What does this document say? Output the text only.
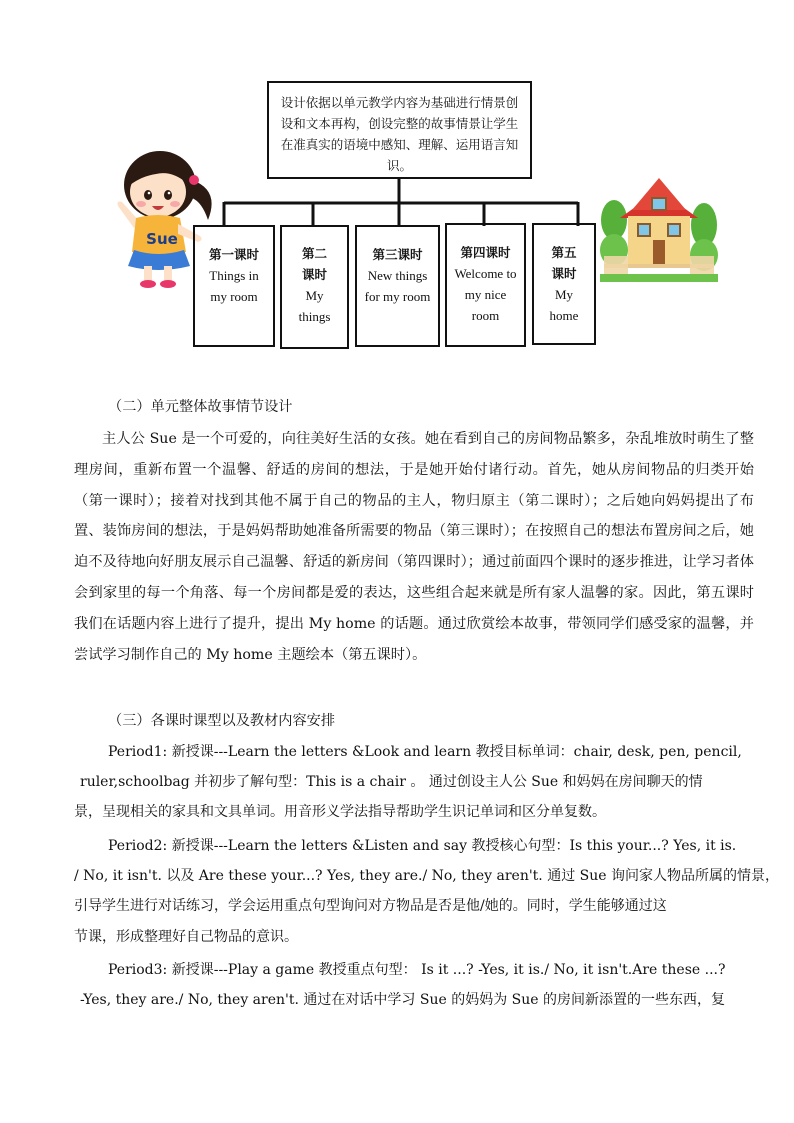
Sue
设计依据以单元教学内容为基础进行情景创设和文本再构，创设完整的故事情景让学生在准真实的语境中感知、理解、运用语言知识。
第一课时
Things in my room
第二课时
My things
第三课时
New things for my room
第四课时
Welcome to my nice room
第五课时
My home
（二）单元整体故事情节设计
主人公 Sue 是一个可爱的，向往美好生活的女孩。她在看到自己的房间物品繁多，杂乱堆放时萌生了整理房间，重新布置一个温馨、舒适的房间的想法，于是她开始付诸行动。首先，她从房间物品的归类开始（第一课时）；接着对找到其他不属于自己的物品的主人，物归原主（第二课时）；之后她向妈妈提出了布置、装饰房间的想法，于是妈妈帮助她准备所需要的物品（第三课时）；在按照自己的想法布置房间之后，她迫不及待地向好朋友展示自己温馨、舒适的新房间（第四课时）；通过前面四个课时的逐步推进，让学习者体会到家里的每一个角落、每一个房间都是爱的表达，这些组合起来就是所有家人温馨的家。因此，第五课时我们在话题内容上进行了提升，提出 My home 的话题。通过欣赏绘本故事，带领同学们感受家的温馨，并尝试学习制作自己的 My home 主题绘本（第五课时）。
（三）各课时课型以及教材内容安排
Period1: 新授课---Learn the letters &Look and learn 教授目标单词：chair, desk, pen, pencil,
ruler,schoolbag 并初步了解句型：This is a chair 。 通过创设主人公 Sue 和妈妈在房间聊天的情
景，呈现相关的家具和文具单词。用音形义学法指导帮助学生识记单词和区分单复数。
Period2: 新授课---Learn the letters &Listen and say 教授核心句型：Is this your...? Yes, it is.
/ No, it isn't. 以及 Are these your...? Yes, they are./ No, they aren't. 通过 Sue 询问家人物品所属的情景，
引导学生进行对话练习，学会运用重点句型询问对方物品是否是他/她的。同时，学生能够通过这
节课，形成整理好自己物品的意识。
Period3: 新授课---Play a game 教授重点句型： Is it ...? -Yes, it is./ No, it isn't.Are these ...?
-Yes, they are./ No, they aren't. 通过在对话中学习 Sue 的妈妈为 Sue 的房间新添置的一些东西，复
